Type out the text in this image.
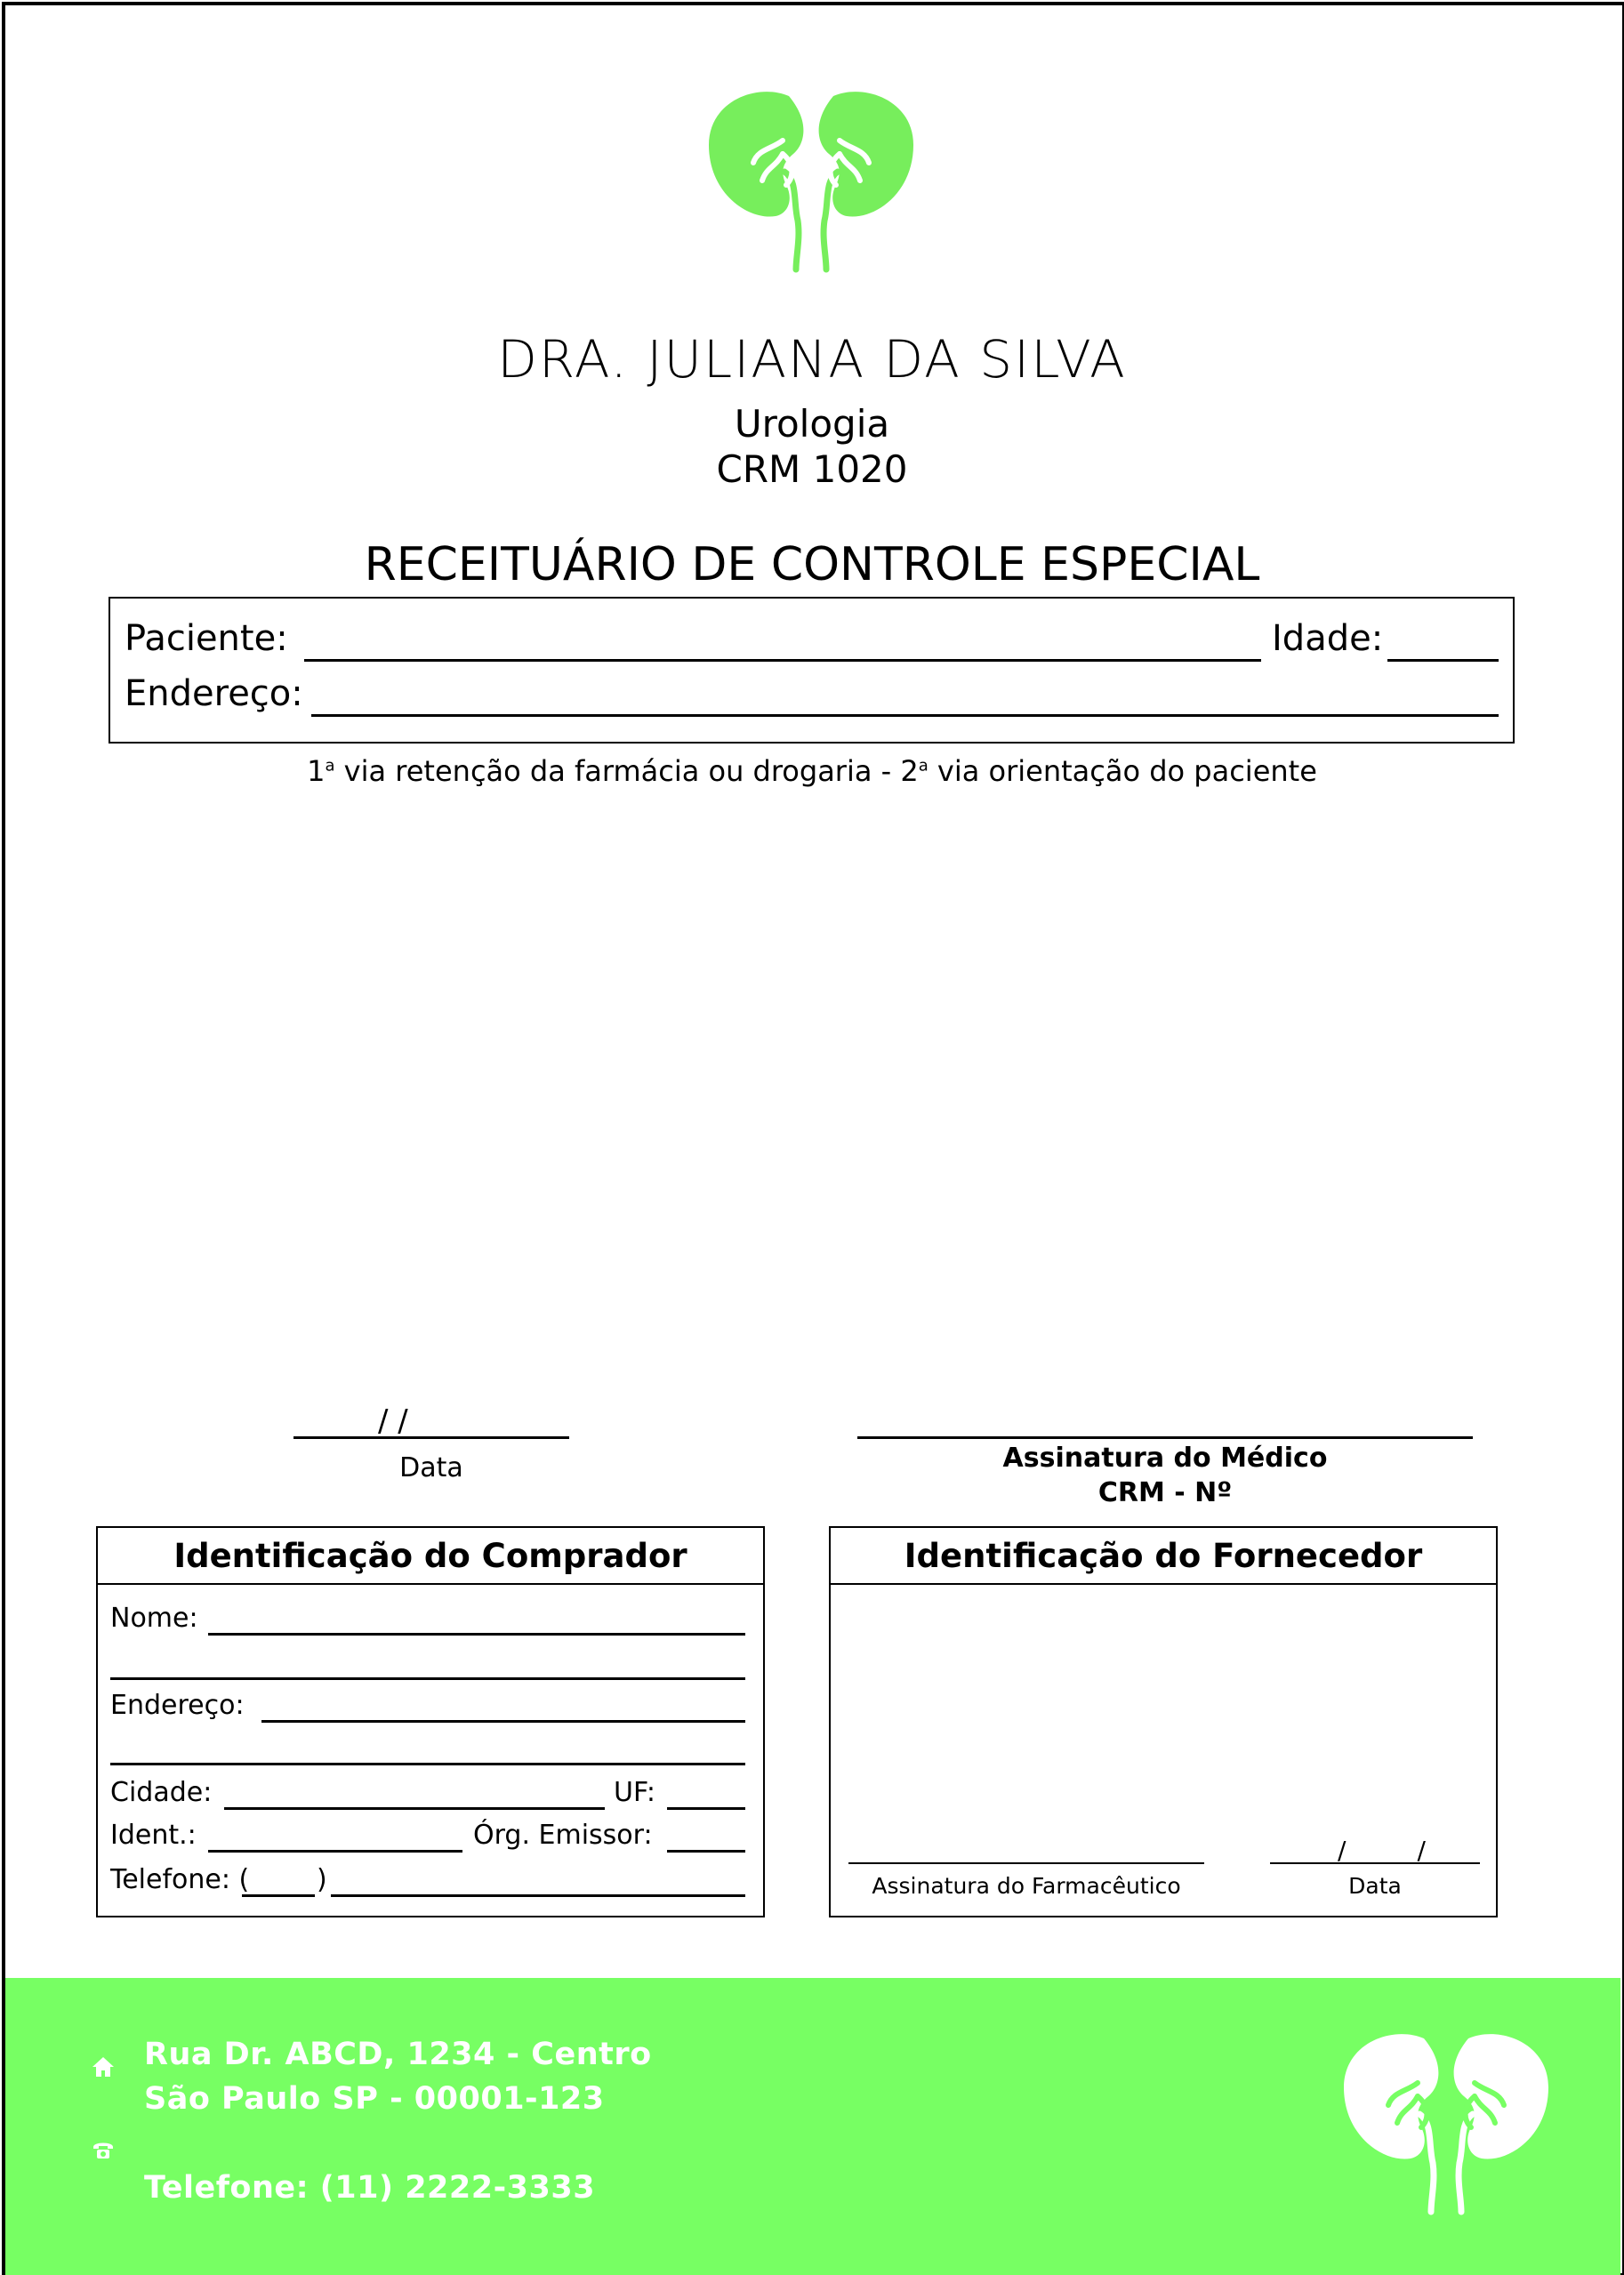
DRA. JULIANA DA SILVA
Urologia
CRM 1020
RECEITUÁRIO DE CONTROLE ESPECIAL
Paciente:	Idade:
Endereço:
1$^a$ via retenção da farmácia ou drogaria - 2$^a$ via orientação do paciente
/ /
Data	Assinatura do Médico
CRM - Nº
Identificação do Comprador
Nome:
Endereço:
Cidade:	UF:
Ident.:	Órg. Emissor:
Telefone: (	)
Identificação do Fornecedor
Assinatura do Farmacêutico
/         /
Data
Rua Dr. ABCD, 1234 - Centro
São Paulo SP - 00001-123
Telefone: (11) 2222-3333
